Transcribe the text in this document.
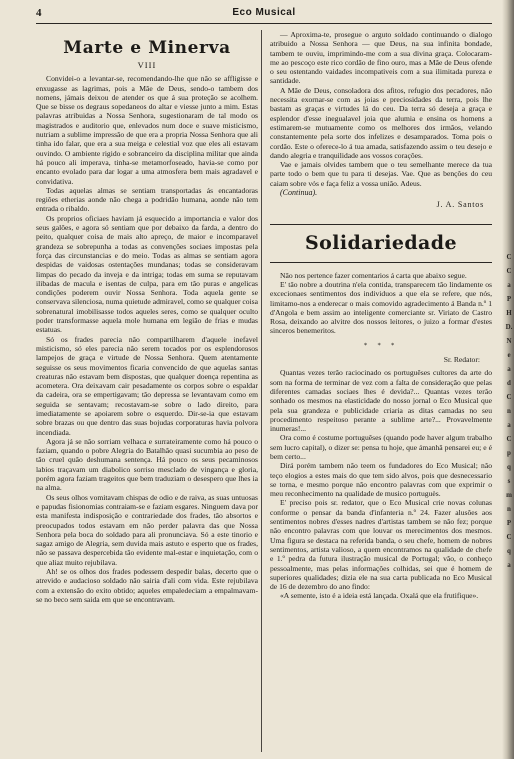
C
C
a
P
H
D.
N
e
a
d
C
n
a
C
p
q
s
m
n
P
C
q
a
4	Eco Musical
Marte e Minerva
VIII

Convidei-o a levantar-se, recomendando-lhe que não se affligisse e enxugasse as lagrimas, pois a Mãe de Deus, sendo-o tambem dos nomens, jámais deixou de atender os que á sua proteção se acolhem. Que se bisse os degraus sopedaneos do altar e viesse junto a mim. Estas palavras atribuidas a Nossa Senhora, sugestionaram de tal modo os magistrados e auditorio que, enlevados num doce e suave misticismo, nutriam a sublime impressão de que era a propria Nossa Senhora que ali tinha ido falar, que era a sua meiga e celestial voz que eles ali estavam ouvindo. O ambiente rigido e sobranceiro da disciplina militar que ainda há pouco ali imperava, tinha-se metamorfoseado, havia-se como por encanto evolado para dar logar a uma atmosfera bem mais agradavel e convidativa.

Todas aquelas almas se sentiam transportadas ás encantadoras regiões etherias aonde não chega a podridão humana, aonde não tem entrada o ribaldo.

Os proprios oficiaes haviam já esquecido a importancia e valor dos seus galões, e agora só sentiam que por debaixo da farda, a dentro do peito, qualquer coisa de mais alto apreço, de maior e incomparavel grandeza se sobrepunha a todas as convenções sociaes impostas pela força das circunstancias e do meio. Todas as almas se sentiam agora despidas de vaidosas ostentações mundanas; todas se consideravam limpas do pecado da inveja e da intriga; todas em suma se reputavam ilibadas de macula e isentas de culpa, para em tão puras e angelicas condições poderem ouvir Nossa Senhora. Toda aquela gente se conservava silenciosa, numa quietude admiravel, como se qualquer coisa sobrenatural imobilisasse todos aqueles seres, como se qualquer oculto poder transformasse aquela mole humana em legião de frias e mudas estatuas.

Só os frades parecia não compartilharem d'aquele inefavel misticismo, só eles parecia não serem tocados por os esplendorosos lampejos de graça e virtude de Nossa Senhora. Quem atentamente seguisse os seus movimentos ficaria convencido de que aquelas santas creaturas não estavam bem dispostas, que qualquer doença repentina as acometera. Ora deixavam cair pesadamente os corpos sobre o espaldar da cadeira, ora se empertigavam; tão depressa se levantavam como em seguida se sentavam; recostavam-se sobre o lado direito, para imediatamente se apoiarem sobre o esquerdo. Dir-se-ia que estavam sobre brazas ou que dentro das suas bojudas corporaturas havia polvora incendiada.

Agora já se não sorriam velhaca e surrateiramente como há pouco o faziam, quando o pobre Alegria do Batalhão quasi sucumbia ao peso de tão cruel quão deshumana sentença. Há pouco os seus pecaminosos labios traçavam um diabolico sorriso mesclado de vingança e gloria, porém agora faziam trageitos que bem traduziam o desespero que lhes ia na alma.

Os seus olhos vomitavam chispas de odio e de raiva, as suas untuosas e papudas fisionomias contraiam-se e faziam esgares. Ninguem dava por esta manifesta indisposição e contrariedade dos frades, tão absortos e preocupados todos estavam em não perder palavra das que Nossa Senhora pela boca do soldado para ali pronunciava. Só a este tinorio e sagaz amigo de Alegria, sem duvida mais astuto e esperto que os frades, não se passava despercebida tão evidente mal-estar e inquietação, com o que aliaz muito rejubilava.

Ah! se os olhos dos frades podessem despedir balas, decerto que o atrevido e audacioso soldado não sairia d'ali com vida. Este rejubilava com a extensão do exito obtido; aqueles empaledeciam a empalmavam-se no beco sem saida em que se encontravam.

— Aproxima-te, prosegue o arguto soldado continuando o dialogo atribuido a Nossa Senhora — que Deus, na sua infinita bondade, tambem te ouviu, imprimindo-me com a sua divina graça. Colocaram-me ao pescoço este rico cordão de fino ouro, mas a Mãe de Deus ofende o seu ostentando vaidades incompativeis com a sua ilimitada pureza e santidade.

A Mãe de Deus, consoladora dos afitos, refugio dos pecadores, não necessita exornar-se com as joias e preciosidades da terra, pois lhe bastam as graças e virtudes lá do ceu. Da terra só deseja a graça e esplendor d'esse inegualavel joia que alumia e ensina os homens a estimarem-se mutuamente como os melhores dos irmãos, velando constantemente pela sorte dos infelizes e desamparados. Toma pois o cordão. Este o oferece-lo á tua amada, satisfazendo assim o teu desejo e dando alegria e tranquilidade aos vossos corações.

Vae e jamais olvides tambem que o teu semelhante merece da tua parte todo o bem que tu para ti desejas. Vae. Que as benções do ceu caiam sobre vós e faça feliz a vossa união. Adeus.

(Continua).

J. A. Santos
Solidariedade

Não nos pertence fazer comentarios á carta que abaixo segue.

E' tão nobre a doutrina n'ela contida, transparecem tão lindamente os excecionaes sentimentos dos individuos a que ela se refere, que nós, limitamo-nos a enderecar o mais comovido agradecimento á Banda n.º 1 d'Angola e bem assim ao inteligente comerciante sr. Viriato de Castro Rosa, deixando ao alvitre dos nossos leitores, o juizo a formar d'estes sinceros benemeritos.

∗ ∗ ∗
Sr. Redator:

Quantas vezes terão raciocinado os portuguêses cultores da arte do som na forma de terminar de vez com a falta de consideração que pelas diferentes camadas sociaes lhes é devida?... Quantas vezes terão sonhado os mesmos na elasticidade do nosso jornal o Eco Musical que pela sua grandeza e publicidade criaria as ditas camadas no seu procedimento respeitoso perante a sublime arte?... Provavelmente inumeras!...

Ora como é costume portuguêses (quando pode haver algum trabalho sem lucro capital), o dizer se: pensa tu hoje, que ámanhã pensarei eu; e é bem certo...

Dirá porém tambem não teem os fundadores do Eco Musical; não teço elogios a estes mais do que tem sido alvos, pois que desnecessario se torna, e mesmo porque não encontro palavras com que exprimir o meu reconhecimento na qualidade de musico portuguès.

E' preciso pois sr. redator, que o Eco Musical crie novas colunas conforme o pensar da banda d'infanteria n.º 24. Fazer alusões aos sentimentos nobres d'esses nadres d'artistas tambem se não fez; porque não encontro palavras com que louvar os merecimentos dos mesmos. Uma figura se destaca na referida banda, o seu chefe, homem de nobres sentimentos, artista valioso, a quem encontramos na qualidade de chefe e 1.º pedra da futura ilustração musical de Portugal; vão, o conheço pessoalmente, mas pelas informações colhidas, sei que é homem de superiores qualidades; dizia ele na sua carta publicada no Eco Musical de 16 de dezembro do ano findo:

«A semente, isto é a ideia está lançada. Oxalá que ela frutifique».
